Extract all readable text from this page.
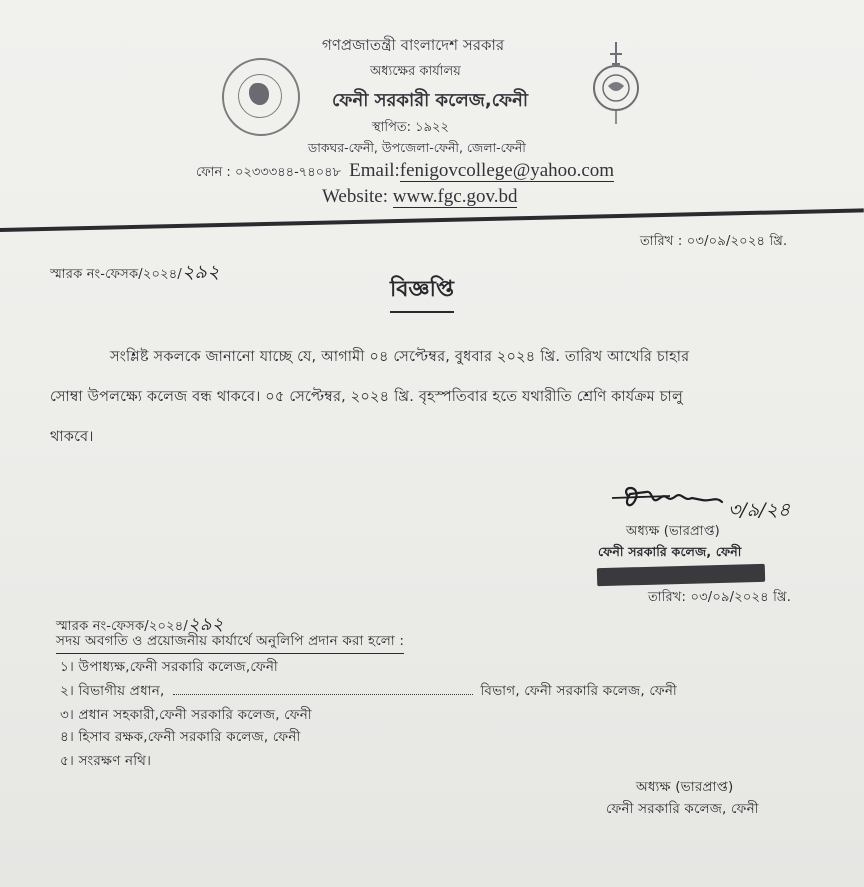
গণপ্রজাতন্ত্রী বাংলাদেশ সরকার
অধ্যক্ষের কার্যালয়
ফেনী সরকারী কলেজ,ফেনী
স্থাপিত: ১৯২২
ডাকঘর-ফেনী, উপজেলা-ফেনী, জেলা-ফেনী
ফোন : ০২৩৩৩৪৪-৭৪০৪৮ Email:fenigovcollege@yahoo.com
Website: www.fgc.gov.bd
স্মারক নং-ফেসক/২০২৪/২৯২
তারিখ : ০৩/০৯/২০২৪ খ্রি.
বিজ্ঞপ্তি
সংশ্লিষ্ট সকলকে জানানো যাচ্ছে যে, আগামী ০৪ সেপ্টেম্বর, বুধবার ২০২৪ খ্রি. তারিখ আখেরি চাহার
সোম্বা উপলক্ষ্যে কলেজ বন্ধ থাকবে। ০৫ সেপ্টেম্বর, ২০২৪ খ্রি. বৃহস্পতিবার হতে যথারীতি শ্রেণি কার্যক্রম চালু
থাকবে।
৩/৯/২৪
অধ্যক্ষ (ভারপ্রাপ্ত)
ফেনী সরকারি কলেজ, ফেনী
তারিখ: ০৩/০৯/২০২৪ খ্রি.
স্মারক নং-ফেসক/২০২৪/২৯২
সদয় অবগতি ও প্রয়োজনীয় কার্যার্থে অনুলিপি প্রদান করা হলো :
১। উপাধ্যক্ষ,ফেনী সরকারি কলেজ,ফেনী
২। বিভাগীয় প্রধান,	বিভাগ, ফেনী সরকারি কলেজ, ফেনী
৩। প্রধান সহকারী,ফেনী সরকারি কলেজ, ফেনী
৪। হিসাব রক্ষক,ফেনী সরকারি কলেজ, ফেনী
৫। সংরক্ষণ নথি।
অধ্যক্ষ (ভারপ্রাপ্ত)
ফেনী সরকারি কলেজ, ফেনী
